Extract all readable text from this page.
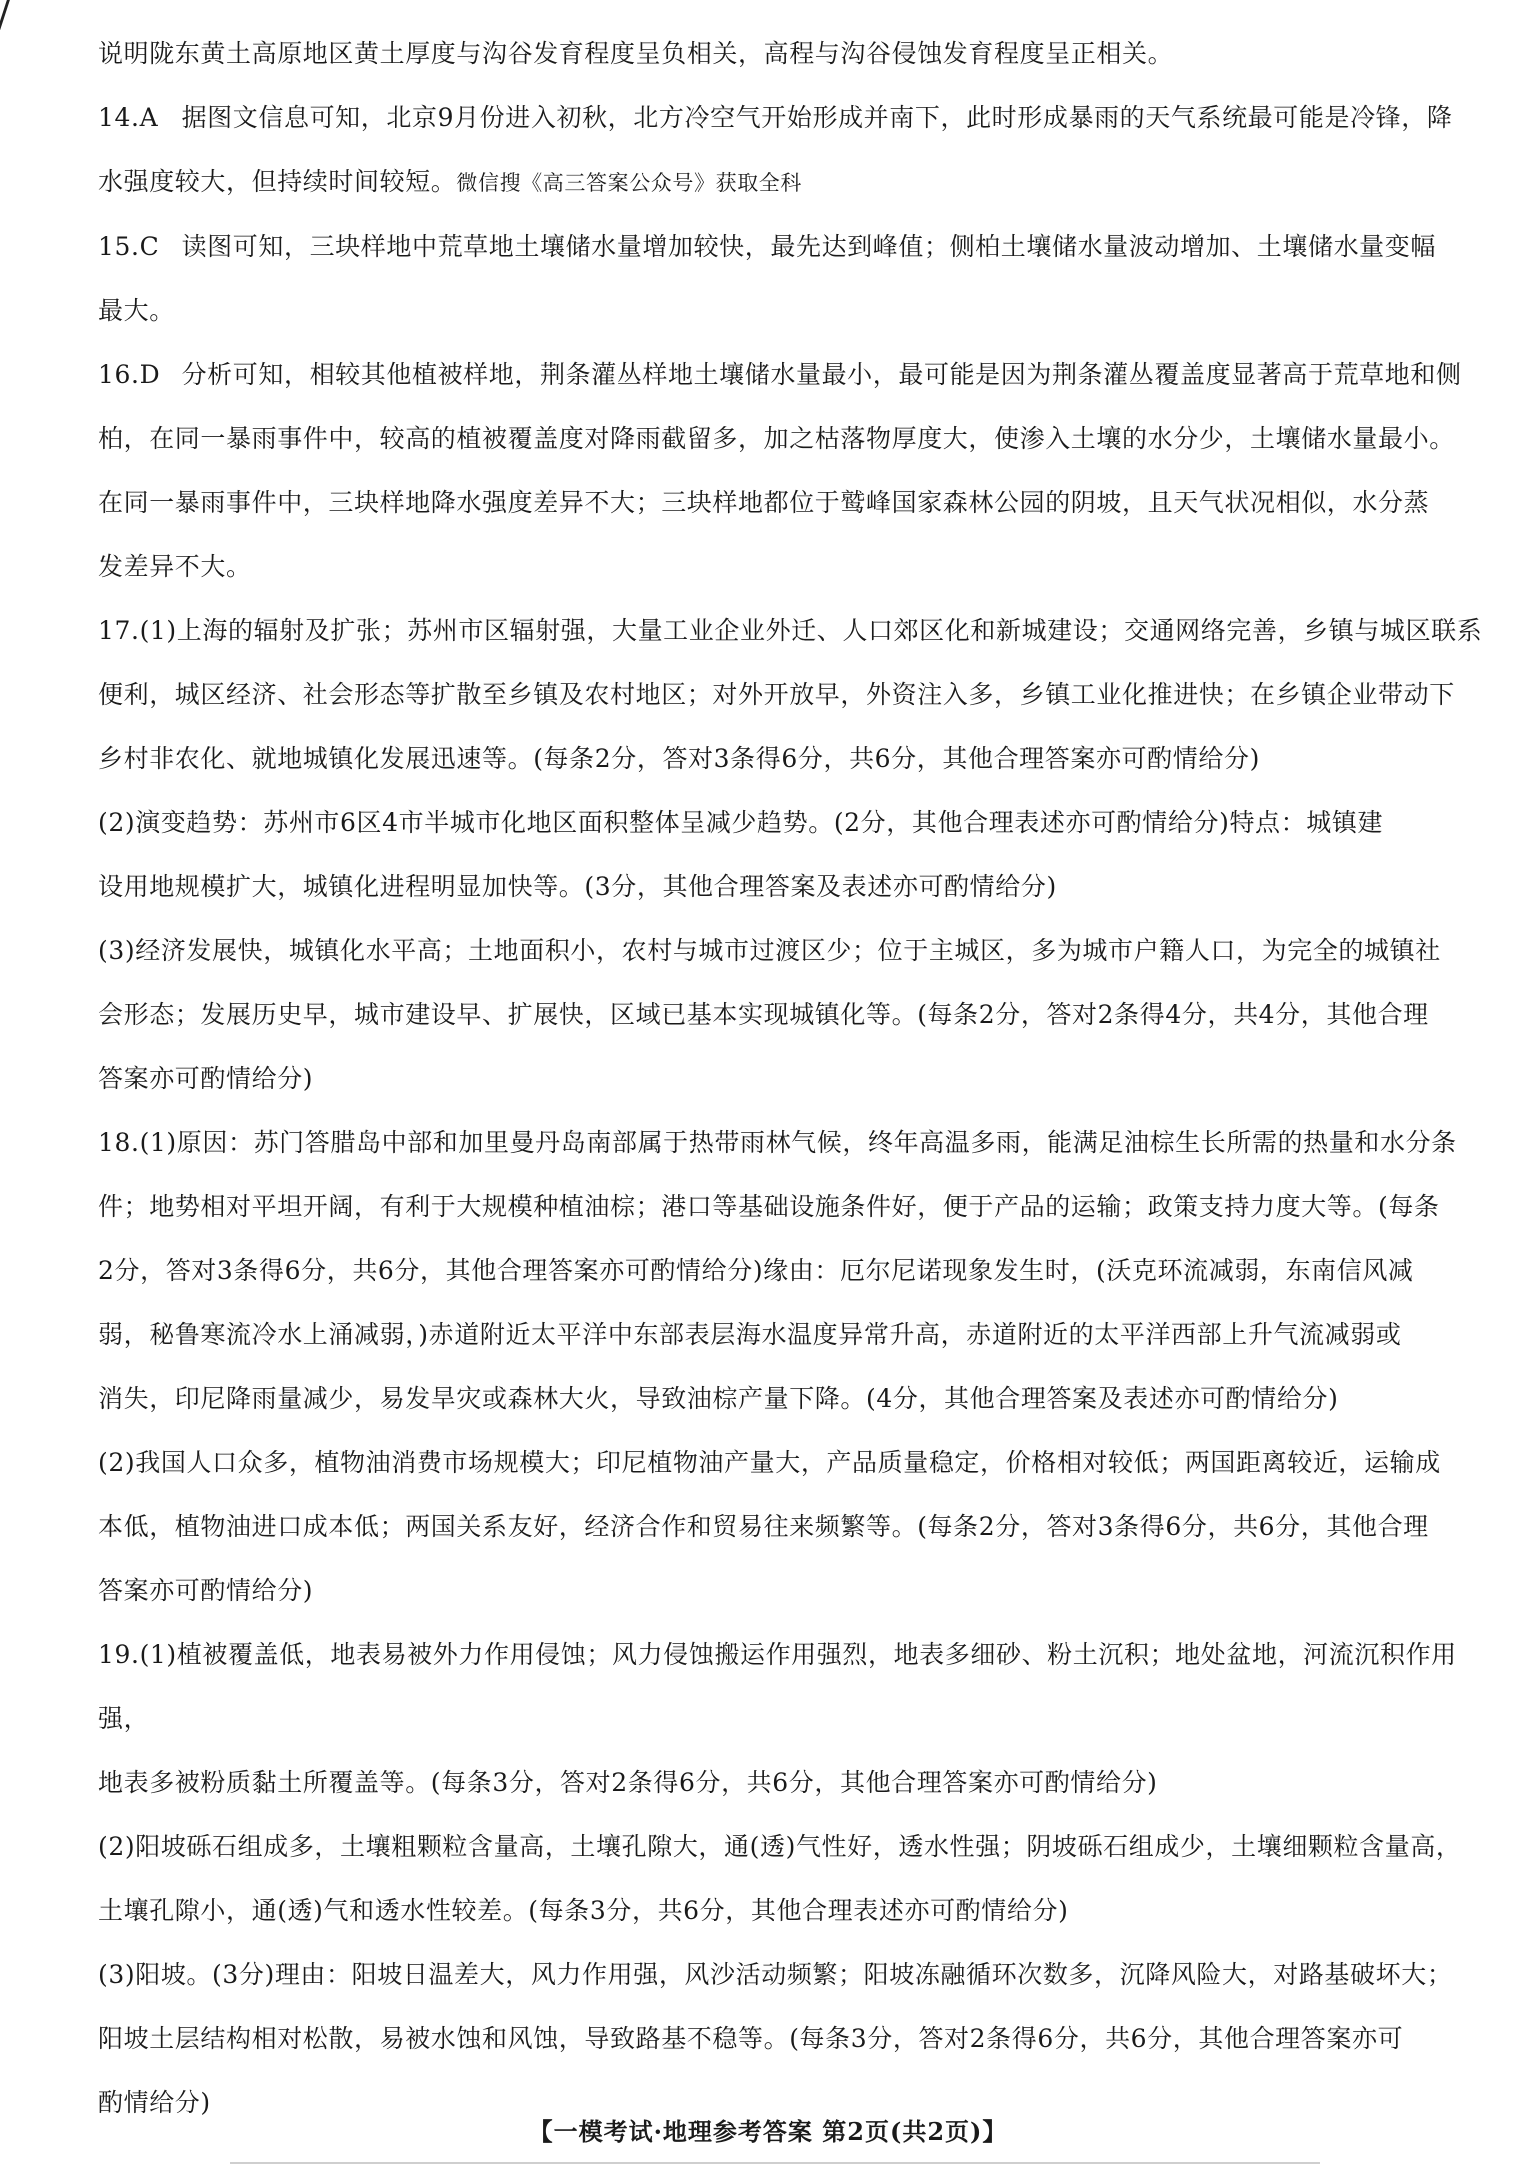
说明陇东黄土高原地区黄土厚度与沟谷发育程度呈负相关，高程与沟谷侵蚀发育程度呈正相关。

14.A 据图文信息可知，北京9月份进入初秋，北方冷空气开始形成并南下，此时形成暴雨的天气系统最可能是冷锋，降
水强度较大，但持续时间较短。微信搜《高三答案公众号》获取全科

15.C 读图可知，三块样地中荒草地土壤储水量增加较快，最先达到峰值；侧柏土壤储水量波动增加、土壤储水量变幅
最大。

16.D 分析可知，相较其他植被样地，荆条灌丛样地土壤储水量最小，最可能是因为荆条灌丛覆盖度显著高于荒草地和侧
柏，在同一暴雨事件中，较高的植被覆盖度对降雨截留多，加之枯落物厚度大，使渗入土壤的水分少，土壤储水量最小。
在同一暴雨事件中，三块样地降水强度差异不大；三块样地都位于鹫峰国家森林公园的阴坡，且天气状况相似，水分蒸
发差异不大。

17.(1)上海的辐射及扩张；苏州市区辐射强，大量工业企业外迁、人口郊区化和新城建设；交通网络完善，乡镇与城区联系
便利，城区经济、社会形态等扩散至乡镇及农村地区；对外开放早，外资注入多，乡镇工业化推进快；在乡镇企业带动下
乡村非农化、就地城镇化发展迅速等。(每条2分，答对3条得6分，共6分，其他合理答案亦可酌情给分)

(2)演变趋势：苏州市6区4市半城市化地区面积整体呈减少趋势。(2分，其他合理表述亦可酌情给分)特点：城镇建
设用地规模扩大，城镇化进程明显加快等。(3分，其他合理答案及表述亦可酌情给分)

(3)经济发展快，城镇化水平高；土地面积小，农村与城市过渡区少；位于主城区，多为城市户籍人口，为完全的城镇社
会形态；发展历史早，城市建设早、扩展快，区域已基本实现城镇化等。(每条2分，答对2条得4分，共4分，其他合理
答案亦可酌情给分)

18.(1)原因：苏门答腊岛中部和加里曼丹岛南部属于热带雨林气候，终年高温多雨，能满足油棕生长所需的热量和水分条
件；地势相对平坦开阔，有利于大规模种植油棕；港口等基础设施条件好，便于产品的运输；政策支持力度大等。(每条
2分，答对3条得6分，共6分，其他合理答案亦可酌情给分)缘由：厄尔尼诺现象发生时，(沃克环流减弱，东南信风减
弱，秘鲁寒流冷水上涌减弱，)赤道附近太平洋中东部表层海水温度异常升高，赤道附近的太平洋西部上升气流减弱或
消失，印尼降雨量减少，易发旱灾或森林大火，导致油棕产量下降。(4分，其他合理答案及表述亦可酌情给分)

(2)我国人口众多，植物油消费市场规模大；印尼植物油产量大，产品质量稳定，价格相对较低；两国距离较近，运输成
本低，植物油进口成本低；两国关系友好，经济合作和贸易往来频繁等。(每条2分，答对3条得6分，共6分，其他合理
答案亦可酌情给分)

19.(1)植被覆盖低，地表易被外力作用侵蚀；风力侵蚀搬运作用强烈，地表多细砂、粉土沉积；地处盆地，河流沉积作用强，
地表多被粉质黏土所覆盖等。(每条3分，答对2条得6分，共6分，其他合理答案亦可酌情给分)

(2)阳坡砾石组成多，土壤粗颗粒含量高，土壤孔隙大，通(透)气性好，透水性强；阴坡砾石组成少，土壤细颗粒含量高，
土壤孔隙小，通(透)气和透水性较差。(每条3分，共6分，其他合理表述亦可酌情给分)

(3)阳坡。(3分)理由：阳坡日温差大，风力作用强，风沙活动频繁；阳坡冻融循环次数多，沉降风险大，对路基破坏大；
阳坡土层结构相对松散，易被水蚀和风蚀，导致路基不稳等。(每条3分，答对2条得6分，共6分，其他合理答案亦可
酌情给分)

【一模考试·地理参考答案 第2页(共2页)】
